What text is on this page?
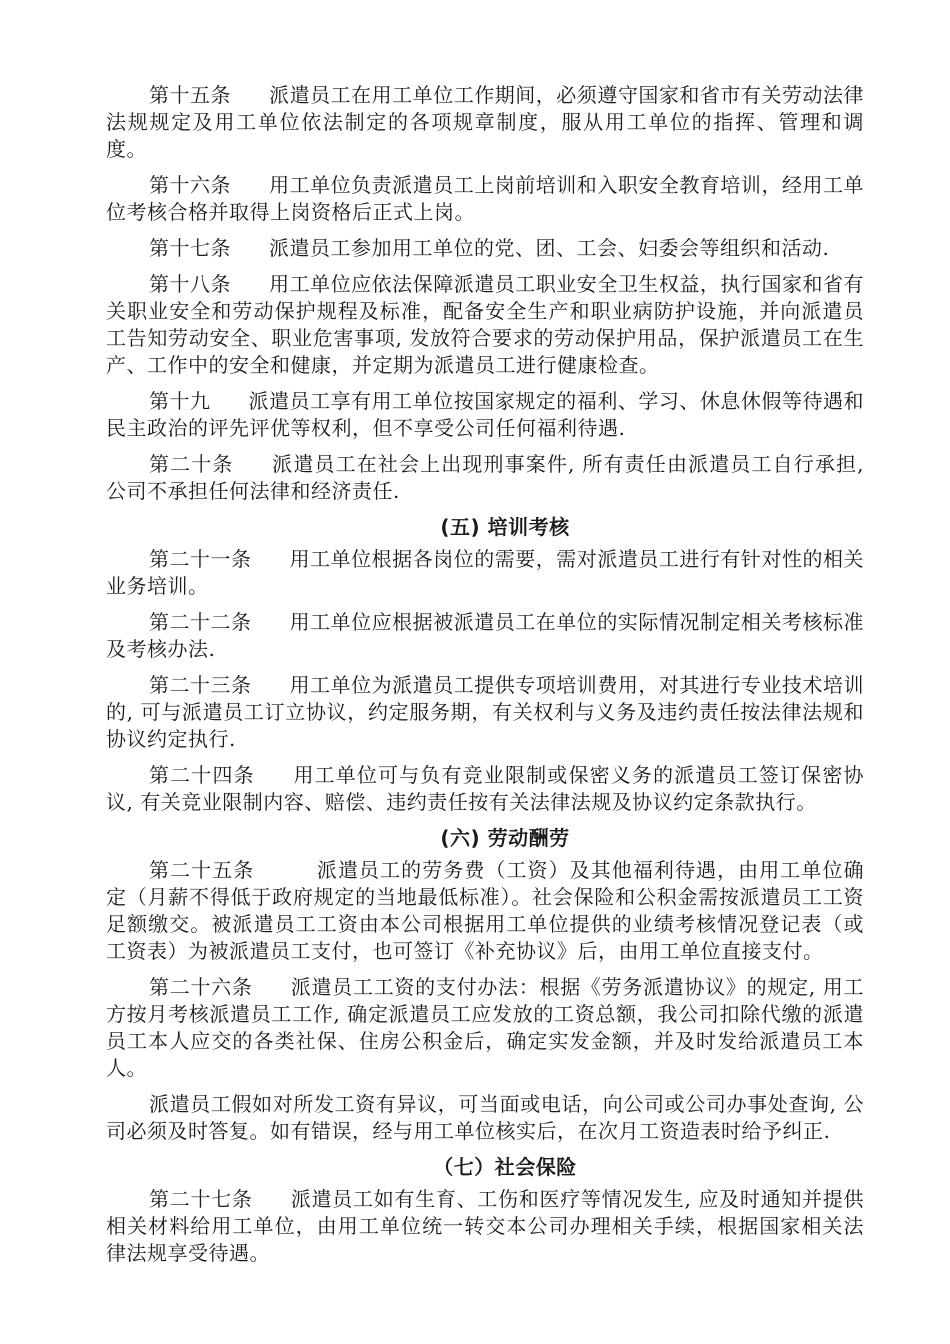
第十五条 派遣员工在用工单位工作期间，必须遵守国家和省市有关劳动法律法规规定及用工单位依法制定的各项规章制度，服从用工单位的指挥、管理和调度。

第十六条 用工单位负责派遣员工上岗前培训和入职安全教育培训，经用工单位考核合格并取得上岗资格后正式上岗。

第十七条 派遣员工参加用工单位的党、团、工会、妇委会等组织和活动.

第十八条 用工单位应依法保障派遣员工职业安全卫生权益，执行国家和省有关职业安全和劳动保护规程及标准，配备安全生产和职业病防护设施，并向派遣员工告知劳动安全、职业危害事项, 发放符合要求的劳动保护用品，保护派遣员工在生产、工作中的安全和健康，并定期为派遣员工进行健康检查。

第十九 派遣员工享有用工单位按国家规定的福利、学习、休息休假等待遇和民主政治的评先评优等权利，但不享受公司任何福利待遇.

第二十条 派遣员工在社会上出现刑事案件, 所有责任由派遣员工自行承担, 公司不承担任何法律和经济责任.

(五) 培训考核

第二十一条 用工单位根据各岗位的需要，需对派遣员工进行有针对性的相关业务培训。

第二十二条 用工单位应根据被派遣员工在单位的实际情况制定相关考核标准及考核办法.

第二十三条 用工单位为派遣员工提供专项培训费用，对其进行专业技术培训的, 可与派遣员工订立协议，约定服务期，有关权利与义务及违约责任按法律法规和协议约定执行.

第二十四条 用工单位可与负有竞业限制或保密义务的派遣员工签订保密协议, 有关竞业限制内容、赔偿、违约责任按有关法律法规及协议约定条款执行。

(六) 劳动酬劳

第二十五条	派遣员工的劳务费（工资）及其他福利待遇，由用工单位确定（月薪不得低于政府规定的当地最低标准）。社会保险和公积金需按派遣员工工资足额缴交。被派遣员工工资由本公司根据用工单位提供的业绩考核情况登记表（或工资表）为被派遣员工支付，也可签订《补充协议》后，由用工单位直接支付。

第二十六条 派遣员工工资的支付办法：根据《劳务派遣协议》的规定, 用工方按月考核派遣员工工作, 确定派遣员工应发放的工资总额，我公司扣除代缴的派遣员工本人应交的各类社保、住房公积金后，确定实发金额，并及时发给派遣员工本人。

派遣员工假如对所发工资有异议，可当面或电话，向公司或公司办事处查询, 公司必须及时答复。如有错误，经与用工单位核实后，在次月工资造表时给予纠正.

（七）社会保险

第二十七条 派遣员工如有生育、工伤和医疗等情况发生, 应及时通知并提供相关材料给用工单位，由用工单位统一转交本公司办理相关手续，根据国家相关法律法规享受待遇。
